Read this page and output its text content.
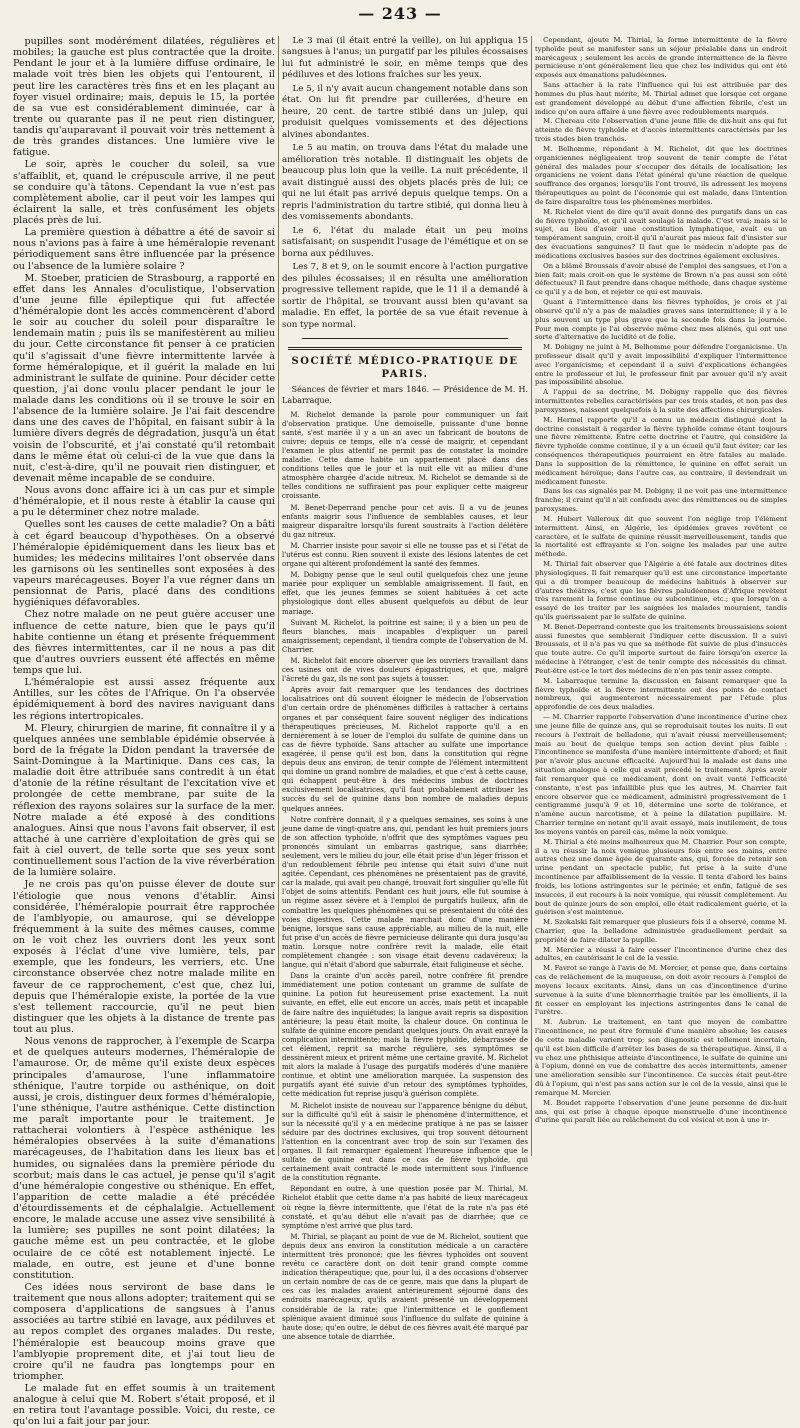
— 243 —

pupilles sont modérément dilatées, régulières et mobiles; la gauche est plus contractée que la droite. Pendant le jour et à la lumière diffuse ordinaire, le malade voit très bien les objets qui l'entourent, il peut lire les caractères très fins et en les plaçant au foyer visuel ordinaire; mais, depuis le 15, la portée de sa vue est considérablement diminuée, car à trente ou quarante pas il ne peut rien distinguer, tandis qu'auparavant il pouvait voir très nettement à de très grandes distances. Une lumière vive le fatigue.

Le soir, après le coucher du soleil, sa vue s'affaiblit, et, quand le crépuscule arrive, il ne peut se conduire qu'à tâtons. Cependant la vue n'est pas complètement abolie, car il peut voir les lampes qui éclairent la salle, et très confusément les objets placés près de lui.

La première question à débattre a été de savoir si nous n'avions pas à faire à une héméralopie revenant périodiquement sans être influencée par la présence ou l'absence de la lumière solaire ?

M. Stoeber, praticien de Strasbourg, a rapporté en effet dans les Annales d'oculistique, l'observation d'une jeune fille épileptique qui fut affectée d'héméralopie dont les accès commencèrent d'abord le soir au coucher du soleil pour disparaître le lendemain matin ; puis ils se manifestèrent au milieu du jour. Cette circonstance fit penser à ce praticien qu'il s'agissait d'une fièvre intermittente larvée à forme héméralopique, et il guérit la malade en lui administrant le sulfate de quinine. Pour décider cette question, j'ai donc voulu placer pendant le jour le malade dans les conditions où il se trouve le soir en l'absence de la lumière solaire. Je l'ai fait descendre dans une des caves de l'hôpital, en faisant subir à la lumière divers degrés de dégradation, jusqu'à un état voisin de l'obscurité, et j'ai constaté qu'il retombait dans le même état où celui-ci de la vue que dans la nuit, c'est-à-dire, qu'il ne pouvait rien distinguer, et devenait même incapable de se conduire.

Nous avons donc affaire ici à un cas pur et simple d'héméralopie, et il nous reste à établir la cause qui a pu le déterminer chez notre malade.

Quelles sont les causes de cette maladie? On a bâti à cet égard beaucoup d'hypothèses. On a observé l'héméralopie épidémiquement dans les lieux bas et humides; les médecins militaires l'ont observée dans les garnisons où les sentinelles sont exposées à des vapeurs marécageuses. Boyer l'a vue régner dans un pensionnat de Paris, placé dans des conditions hygiéniques défavorables.

Chez notre malade on ne peut guère accuser une influence de cette nature, bien que le pays qu'il habite contienne un étang et présente fréquemment des fièvres intermittentes, car il ne nous a pas dit que d'autres ouvriers eussent été affectés en même temps que lui.

L'héméralopie est aussi assez fréquente aux Antilles, sur les côtes de l'Afrique. On l'a observée épidémiquement à bord des navires naviguant dans les régions intertropicales.

M. Fleury, chirurgien de marine, fit connaître il y a quelques années une semblable épidémie observée à bord de la frégate la Didon pendant la traversée de Saint-Domingue à la Martinique. Dans ces cas, la maladie doit être attribuée sans contredit à un état d'atonie de la rétine résultant de l'excitation vive et prolongée de cette membrane, par suite de la réflexion des rayons solaires sur la surface de la mer. Notre malade a été exposé à des conditions analogues. Ainsi que nous l'avons fait observer, il est attaché à une carrière d'exploitation de grès qui se fait à ciel ouvert, de telle sorte que ses yeux sont continuellement sous l'action de la vive réverbération de la lumière solaire.

Je ne crois pas qu'on puisse élever de doute sur l'étiologie que nous venons d'établir. Ainsi considérée, l'héméralopie pourrait être rapprochée de l'amblyopie, ou amaurose, qui se développe fréquemment à la suite des mêmes causes, comme on le voit chez les ouvriers dont les yeux sont exposés à l'éclat d'une vive lumière, tels, par exemple, que les fondeurs, les verriers, etc. Une circonstance observée chez notre malade milite en faveur de ce rapprochement, c'est que, chez lui, depuis que l'héméralopie existe, la portée de la vue s'est tellement raccourcie, qu'il ne peut bien distinguer que les objets à la distance de trente pas tout au plus.

Nous venons de rapprocher, à l'exemple de Scarpa et de quelques auteurs modernes, l'héméralopie de l'amaurose. Or, de même qu'il existe deux espèces principales d'amaurose, l'une inflammatoire sthénique, l'autre torpide ou asthénique, on doit aussi, je crois, distinguer deux formes d'héméralopie, l'une sthénique, l'autre asthénique. Cette distinction me paraît importante pour le traitement. Je rattacherai volontiers à l'espèce asthénique les héméralopies observées à la suite d'émanations marécageuses, de l'habitation dans les lieux bas et humides, ou signalées dans la première période du scorbut; mais dans le cas actuel, je pense qu'il s'agit d'une héméralopie congestive ou sthénique. En effet, l'apparition de cette maladie a été précédée d'étourdissements et de céphalalgie. Actuellement encore, le malade accuse une assez vive sensibilité à la lumière; ses pupilles ne sont point dilatées; la gauche même est un peu contractée, et le globe oculaire de ce côté est notablement injecté. Le malade, en outre, est jeune et d'une bonne constitution.

Ces idées nous serviront de base dans le traitement que nous allons adopter; traitement qui se composera d'applications de sangsues à l'anus associées au tartre stibié en lavage, aux pédiluves et au repos complet des organes malades. Du reste, l'héméralopie est beaucoup moins grave que l'amblyopie proprement dite, et j'ai tout lieu de croire qu'il ne faudra pas longtemps pour en triompher.

Le malade fut en effet soumis à un traitement analogue à celui que M. Robert s'était proposé, et il en retira tout l'avantage possible. Voici, du reste, ce qu'on lui a fait jour par jour.

Le 3 mai (il était entré la veille), on lui appliqua 15 sangsues à l'anus; un purgatif par les pilules écossaises lui fut administré le soir, en même temps que des pédiluves et des lotions fraîches sur les yeux.

Le 5, il n'y avait aucun changement notable dans son état. On lui fit prendre par cuillerées, d'heure en heure, 20 cent. de tartre stibié dans un julep, qui produisit quelques vomissements et des déjections alvines abondantes.

Le 5 au matin, on trouva dans l'état du malade une amélioration très notable. Il distinguait les objets de beaucoup plus loin que la veille. La nuit précédente, il avait distingué aussi des objets placés près de lui; ce qui ne lui était pas arrivé depuis quelque temps. On a repris l'administration du tartre stibié, qui donna lieu à des vomissements abondants.

Le 6, l'état du malade était un peu moins satisfaisant; on suspendit l'usage de l'émétique et on se borna aux pédiluves.

Les 7, 8 et 9, on le soumit encore à l'action purgative des pilules écossaises; il en résulta une amélioration progressive tellement rapide, que le 11 il a demandé à sortir de l'hôpital, se trouvant aussi bien qu'avant sa maladie. En effet, la portée de sa vue était revenue à son type normal.

SOCIÉTÉ MÉDICO-PRATIQUE DE PARIS.
Séances de février et mars 1846. — Présidence de M. H. Labarraque.

M. Richelot demande la parole pour communiquer un fait d'observation pratique. Une demoiselle, puissante d'une bonne santé, s'est mariée il y a un an avec un fabricant de boutons de cuivre; depuis ce temps, elle n'a cessé de maigrir, et cependant l'examen le plus attentif ne permit pas de constater la moindre maladie. Cette dame habite un appartement placé dans des conditions telles que le jour et la nuit elle vit au milieu d'une atmosphère chargée d'acide nitreux. M. Richelot se demande si de telles conditions ne suffiraient pas pour expliquer cette maigreur croissante.

M. Benet-Deperrand penche pour cet avis. Il a vu de jeunes enfants maigrir sous l'influence de semblables causes, et leur maigreur disparaître lorsqu'ils furent soustraits à l'action délétère du gaz nitreux.

M. Charrier insiste pour savoir si elle ne tousse pas et si l'état de l'utérus est connu. Rien souvent il existe des lésions latentes de cet organe qui altèrent profondément la santé des femmes.

M. Dobigny pense que le seul outil quelquefois chez une jeune mariée pour expliquer un semblable amaigrissement. Il faut, en effet, que les jeunes femmes se soient habituées à cet acte physiologique dont elles abusent quelquefois au début de leur mariage.

Suivant M. Richelot, la poitrine est saine; il y a bien un peu de fleurs blanches, mais incapables d'expliquer un pareil amaigrissement; cependant, il tiendra compte de l'observation de M. Charrier.

M. Richelot fait encore observer que les ouvriers travaillant dans ces usines ont de vives douleurs épigastriques, et que, malgré l'âcreté du gaz, ils ne sont pas sujets à tousser.

Après avoir fait remarquer que les tendances des doctrines localisatrices ont dû souvent éloigner le médecin de l'observation d'un certain ordre de phénomènes difficiles à rattacher à certains organes et par conséquent faire souvent négliger des indications thérapeutiques précieuses, M. Richelot rapporte qu'il a en dernièrement à se louer de l'emploi du sulfate de quinine dans un cas de fièvre typhoïde. Sans attacher au sulfate une importance exagérée, il pense qu'il est bon, dans la constitution qui règne depuis deux ans environ, de tenir compte de l'élément intermittent qui domine un grand nombre de maladies, et que c'est à cette cause, qui échappent peut-être à des médecins imbus de doctrines exclusivement localisatrices, qu'il faut probablement attribuer les succès du sel de quinine dans bon nombre de maladies depuis quelques années.

Notre confrère donnait, il y a quelques semaines, ses soins à une jeune dame de vingt-quatre ans, qui, pendant les huit premiers jours de son affection typhoïde, n'offrit que des symptômes vagues peu prononcés simulant un embarras gastrique, sans diarrhée; seulement, vers le milieu du jour, elle était prise d'un léger frisson et d'un redoublement fébrile peu intense qui était suivi d'une nuit agitée. Cependant, ces phénomènes ne présentaient pas de gravité, car la malade, qui avait peu changé, trouvait fort singulier qu'elle fût l'objet de soins attentifs. Pendant ces huit jours, elle fut soumise à un régime assez sévère et à l'emploi de purgatifs huileux, afin de combattre les quelques phénomènes qui se présentaient du côté des voies digestives. Cette malade marchait donc d'une manière bénigne, lorsque sans cause appréciable, au milieu de la nuit, elle fut prise d'un accès de fièvre pernicieuse délirante qui dura jusqu'au matin. Lorsque notre confrère revit la malade, elle était complètement changée : son visage était devenu cadavéreux; la langue, qui n'était d'abord que saburrale, était fuligineuse et sèche.

Dans la crainte d'un accès pareil, notre confrère fit prendre immédiatement une potion contenant un gramme de sulfate de quinine. La potion fut heureusement prise exactement. La nuit suivante, en effet, elle eut encore un accès, mais petit et incapable de faire naître des inquiétudes; la langue avait repris sa disposition antérieure; la peau était moite, la chaleur douce. On continua le sulfate de quinine encore pendant quelques jours. On avait enrayé la complication intermittente; mais la fièvre typhoïde, débarrassée de cet élément, reprit sa marche régulière, ses symptômes se dessinèrent mieux et prirent même une certaine gravité. M. Richelot mit alors la malade à l'usage des purgatifs modérés d'une manière continue, et obtint une amélioration marquée. La suspension des purgatifs ayant été suivie d'un retour des symptômes typhoïdes, cette médication fut reprise jusqu'à guérison complète.

M. Richelot insiste de nouveau sur l'apparence bénigne du début, sur la difficulté qu'il eût à saisir le phénomène d'intermittence, et sur la nécessité qu'il y a en médecine pratique à ne pas se laisser séduire par des doctrines exclusives, qui trop souvent détournent l'attention en la concentrant avec trop de soin sur l'examen des organes. Il fait remarquer également l'heureuse influence que le sulfate de quinine eut dans ce cas de fièvre typhoïde, qui certainement avait contracté le mode intermittent sous l'influence de la constitution régnante.

Répondant en outre, à une question posée par M. Thirial, M. Richelot établit que cette dame n'a pas habité de lieux marécageux où règne la fièvre intermittente, que l'état de la rate n'a pas été constaté, et qu'au début elle n'avait pas de diarrhée; que ce symptôme n'est arrivé que plus tard.

M. Thirial, se plaçant au point de vue de M. Richelot, soutient que depuis deux ans environ la constitution médicale a un caractère intermittent très prononcé; que les fièvres typhoïdes ont souvent revêtu ce caractère dont on doit tenir grand compte comme indication thérapeutique; que, pour lui, il a des occasions d'observer un certain nombre de cas de ce genre, mais que dans la plupart de ces cas les malades avaient antérieurement séjourné dans des endroits marécageux, qu'ils avaient présenté un développement considérable de la rate; que l'intermittence et le gonflement splénique avaient diminué sous l'influence du sulfate de quinine à haute dose; qu'en outre, le début de ces fièvres avait été marqué par une absence totale de diarrhée.

Cependant, ajoute M. Thirial, la forme intermittente de la fièvre typhoïde peut se manifester sans un séjour préalable dans un endroit marécageux ; seulement les accès de grande intermittence de la fièvre pernicieuse n'ont généralement lieu que chez les individus qui ont été exposés aux émanations paludéennes.

Sans attacher à la rate l'influence qui lui est attribuée par des hommes du plus haut mérite, M. Thirial admet que lorsque cet organe est grandement développé au début d'une affection fébrile, c'est un indice qu'on aura affaire à une fièvre avec redoublements marqués.

M. Chereau cite l'observation d'une jeune fille de dix-huit ans qui fut atteinte de fièvre typhoïde et d'accès intermittents caractérisés par les trois stades bien tranchés.

M. Belhomme, répondant à M. Richelot, dit que les doctrines organiciennes négligeaient trop souvent de tenir compte de l'état général des malades pour s'occuper des détails de localisation; les organiciens ne voient dans l'état général qu'une réaction de quelque souffrance des organes; lorsqu'ils l'ont trouvé, ils adressent les moyens thérapeutiques au point de l'économie qui est malade, dans l'intention de faire disparaître tous les phénomènes morbides.

M. Richelot vient de dire qu'il avait donné des purgatifs dans un cas de fièvre typhoïde, et qu'il avait soulagé la malade. C'est vrai; mais si le sujet, au lieu d'avoir une constitution lymphatique, avait eu un tempérament sanguin, croit-il qu'il n'aurait pas mieux fait d'insister sur des évacuations sanguines? Il faut que le médecin n'adopte pas de médications exclusives basées sur des doctrines également exclusives.

On a blâmé Broussais d'avoir abusé de l'emploi des sangsues, et l'on a bien fait; mais croit-on que le système de Brown n'a pas aussi son côté défectueux? Il faut prendre dans chaque méthode, dans chaque système ce qu'il y a de bon, et rejeter ce qui est mauvais.

Quant à l'intermittence dans les fièvres typhoïdes, je crois et j'ai observé qu'il n'y a pas de maladies graves sans intermittence; il y a le plus souvent un type plus grave que la seconde fois dans la journée. Pour mon compte je l'ai observée même chez mes aliénés, qui ont une sorte d'alternative de lucidité et de folie.

M. Dobigny ne juint à M. Belhomme pour défendre l'organicisme. Un professeur disait qu'il y avait impossibilité d'expliquer l'intermittence avec l'organicisme; et cependant il a suivi d'explications échangées entre le professeur et lui, le professeur finit par avouer qu'il n'y avait pas impossibilité absolue.

A l'appui de sa doctrine, M. Dobigny rappelle que des fièvres intermittentes rebelles caractérisées par ces trois stades, et non pas des paroxysmes, naissent quelquefois à la suite des affections chirurgicales.

M. Hermel rapporte qu'il a connu un médecin distingué dont la doctrine consistait à regarder la fièvre typhoïde comme étant toujours une fièvre rémittente. Entre cette doctrine et l'autre, qui considère la fièvre typhoïde comme continue, il y a un écueil qu'il faut éviter; car les conséquences thérapeutiques pourraient en être fatales au malade. Dans la supposition de la rémittence, le quinine en effet serait un médicament héroïque; dans l'autre cas, au contraire, il deviendrait un médicament funeste.

Dans les cas signalés par M. Dobigny, il ne voit pas une intermittence franche; il craint qu'il n'ait confondu avec des rémittences ou de simples paroxysmes.

M. Hubert Valleroux dit que souvent l'on néglige trop l'élément intermittent. Ainsi, en Algérie, les épidémies graves revêtent ce caractère, et le sulfate de quinine réussit merveilleusement, tandis que la mortalité est effrayante si l'on soigne les malades par une autre méthode.

M. Thirial fait observer que l'Algérie a été fatale aux doctrines dites physiologiques. Il fait remarquer qu'il est une circonstance importante qui a dû tromper beaucoup de médecins habitués à observer sur d'autres théâtres, c'est que les fièvres paludéennes d'Afrique revêtent très rarement la forme continue ou subcontinue, etc.; que lorsqu'on a essayé de les traiter par les saignées les malades mouraient, tandis qu'ils guérissaient par le sulfate de quinine.

M. Benet-Deperrand conteste que les traitements broussaisiens soient aussi funestes que semblerait l'indiquer cette discussion. Il a suivi Broussais, et il n'a pas vu que sa méthode fût suivie de plus d'insuccès que toute autre. Ce qu'il importe surtout de faire lorsqu'on exerce la médecine à l'étranger, c'est de tenir compte des nécessités du climat. Peut-être est-ce le tort des médecins de n'en pas tenir assez compte.

M. Labarraque termine la discussion en faisant remarquer que la fièvre typhoïde et la fièvre intermittente ont des points de contact nombreux, qui augmenteront nécessairement par l'étude plus approfondie de ces deux maladies.

— M. Charrier rapporte l'observation d'une incontinence d'urine chez une jeune fille de quinze ans, qui se reproduisait toutes les nuits. Il eut recours à l'extrait de belladone, qui n'avait réussi merveilleusement; mais au bout de quelque temps son action devint plus faible : l'incontinence se manifesta d'une manière intermittente d'abord; et finit par n'avoir plus aucune efficacité. Aujourd'hui la malade est dans une situation analogue à celle qui avait précédé le traitement. Après avoir fait remarquer que ce médicament, dont on avait vanté l'efficacité constante, n'est pas infaillible plus que les autres, M. Charrier fait encore observer que ce médicament, administré progressivement de 1 centigramme jusqu'à 9 et 10, détermine une sorte de tolérance, et n'amène aucun narcotisme, et à peine la dilatation pupillaire. M. Charrier termine en notant qu'il avait essayé, mais inutilement, de tous les moyens vantés en pareil cas, même la noix vomique.

M. Thirial a été moins malheureux que M. Charrier. Pour son compte, il a vu réussir la noix vomique plusieurs fois entre ses mains, entre autres chez une dame âgée de quarante ans, qui, forcée de retenir son urine pendant un spectacle public, fut prise à la suite d'une incontinence par affaiblissement de la vessie. Il tenta d'abord les bains froids, les lotions astringentes sur le périnée; et enfin, fatigué de ses insuccès, il eut recours à la noix vomique, qui réussit complètement. Au bout de quinze jours de son emploi, elle était radicalement guérie, et la guérison s'est maintenue.

M. Szokalski fait remarquer que plusieurs fois il a observé, comme M. Charrier, que la belladone administrée graduellement perdait sa propriété de faire dilater la pupille.

M. Mercier a réussi à faire cesser l'incontinence d'urine chez des adultes, en cautérisant le col de la vessie.

M. Favrot se range à l'avis de M. Mercier, et pense que, dans certains cas de relâchement de la muqueuse, on doit avoir recours à l'emploi de moyens locaux excitants. Ainsi, dans un cas d'incontinence d'urine survenue à la suite d'une blennorrhagie traitée par les émollients, il la fit cesser en employant les injections astringentes dans le canal de l'urètre.

M. Aubrun. Le traitement, en tant que moyen de combattre l'incontinence, ne peut être formulé d'une manière absolue; les causes de cette maladie varient trop; son diagnostic est tellement incertain, qu'il est bien difficile d'arrêter les bases de sa thérapeutique. Ainsi, il a vu chez une phthisique atteinte d'incontinence, le sulfate de quinine uni à l'opium, donné en vue de combattre des accès intermittents, amener une amélioration sensible sur l'incontinence. Ce succès était peut-être dû à l'opium, qui n'est pas sans action sur le col de la vessie, ainsi que le remarque M. Mercier.

M. Boudet rapporte l'observation d'une jeune personne de dix-huit ans, qui est prise à chaque époque menstruelle d'une incontinence d'urine qui paraît liée au relâchement du col vésical et non à une ir-
